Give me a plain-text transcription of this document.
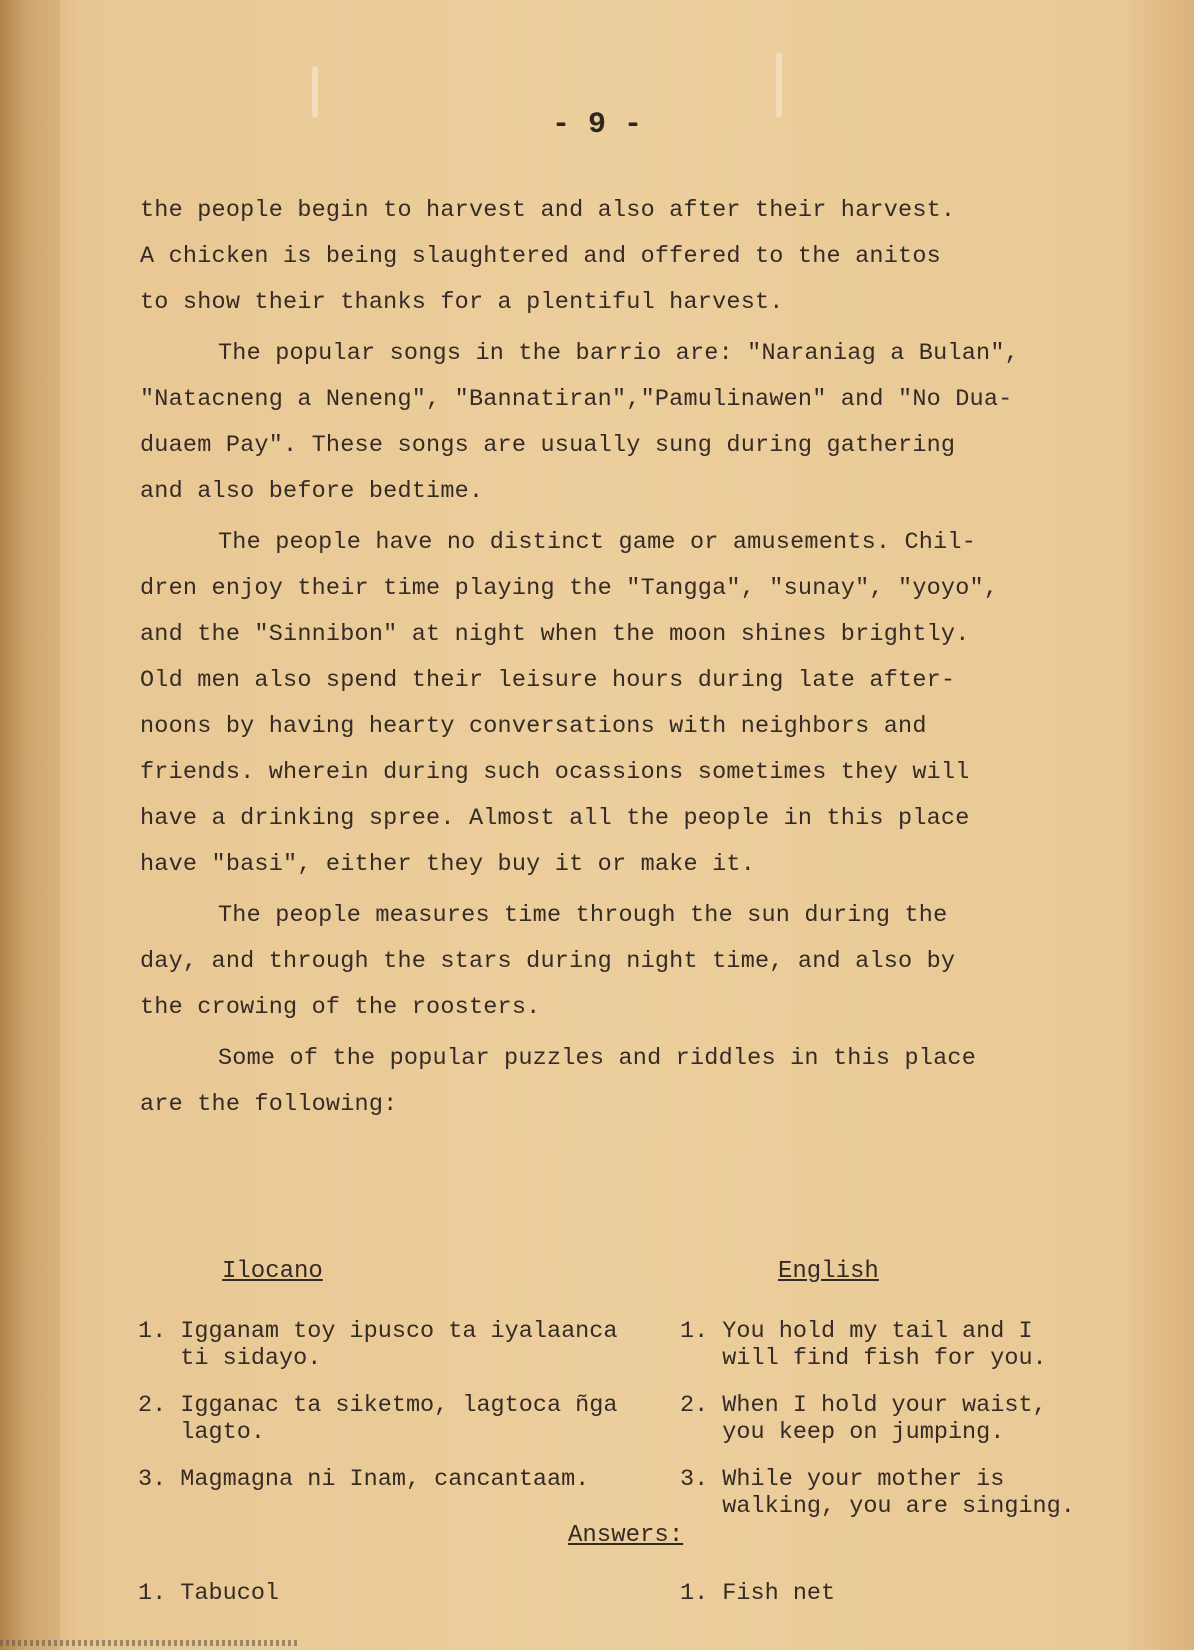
- 9 -
the people begin to harvest and also after their harvest.
A chicken is being slaughtered and offered to the anitos
to show their thanks for a plentiful harvest.
The popular songs in the barrio are: "Naraniag a Bulan",
"Natacneng a Neneng", "Bannatiran","Pamulinawen" and "No Dua-
duaem Pay". These songs are usually sung during gathering
and also before bedtime.
The people have no distinct game or amusements. Chil-
dren enjoy their time playing the "Tangga", "sunay", "yoyo",
and the "Sinnibon" at night when the moon shines brightly.
Old men also spend their leisure hours during late after-
noons by having hearty conversations with neighbors and
friends. wherein during such ocassions sometimes they will
have a drinking spree. Almost all the people in this place
have "basi", either they buy it or make it.
The people measures time through the sun during the
day, and through the stars during night time, and also by
the crowing of the roosters.
Some of the popular puzzles and riddles in this place
are the following:
Ilocano	English
1. Igganam toy ipusco ta iyalaanca
ti sidayo.
2. Igganac ta siketmo, lagtoca ñga
lagto.
3. Magmagna ni Inam, cancantaam.
1. You hold my tail and I
will find fish for you.
2. When I hold your waist,
you keep on jumping.
3. While your mother is
walking, you are singing.
Answers:
1. Tabucol	1. Fish net
